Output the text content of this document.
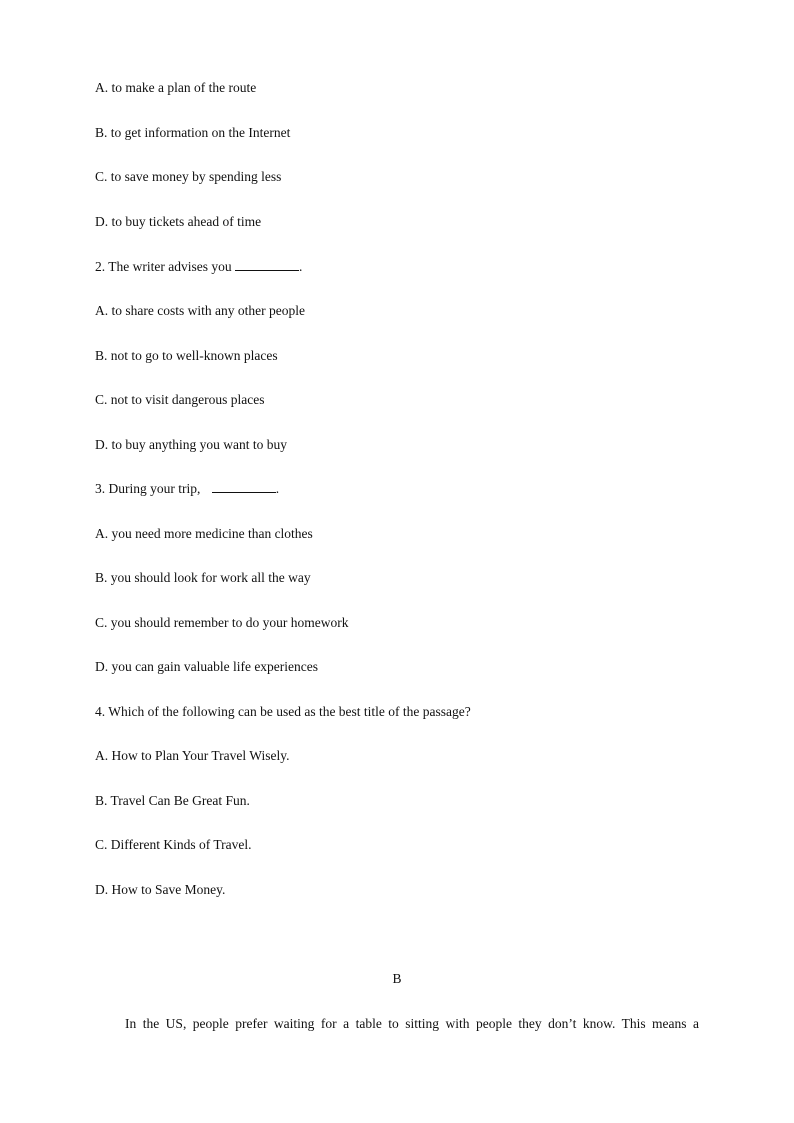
A. to make a plan of the route
B. to get information on the Internet
C. to save money by spending less
D. to buy tickets ahead of time
2. The writer advises you	.
A. to share costs with any other people
B. not to go to well-known places
C. not to visit dangerous places
D. to buy anything you want to buy
3. During your trip,	.
A. you need more medicine than clothes
B. you should look for work all the way
C. you should remember to do your homework
D. you can gain valuable life experiences
4. Which of the following can be used as the best title of the passage?
A. How to Plan Your Travel Wisely.
B. Travel Can Be Great Fun.
C. Different Kinds of Travel.
D. How to Save Money.
B
In the US, people prefer waiting for a table to sitting with people they don’t know. This means a
